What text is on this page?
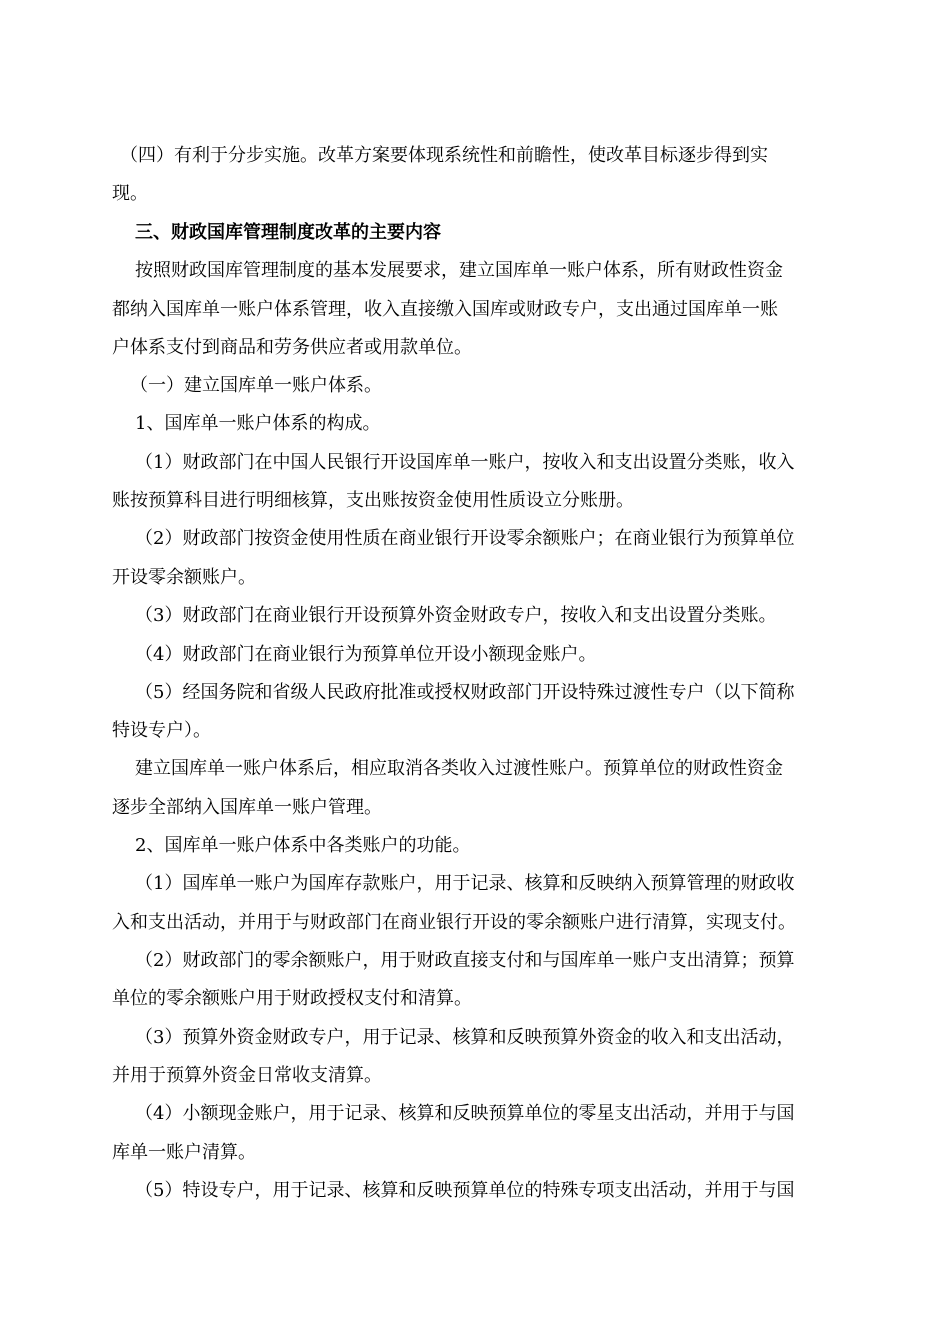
（四）有利于分步实施。改革方案要体现系统性和前瞻性，使改革目标逐步得到实
现。
三、财政国库管理制度改革的主要内容
按照财政国库管理制度的基本发展要求，建立国库单一账户体系，所有财政性资金
都纳入国库单一账户体系管理，收入直接缴入国库或财政专户，支出通过国库单一账
户体系支付到商品和劳务供应者或用款单位。
（一）建立国库单一账户体系。
1、国库单一账户体系的构成。
（1）财政部门在中国人民银行开设国库单一账户，按收入和支出设置分类账，收入
账按预算科目进行明细核算，支出账按资金使用性质设立分账册。
（2）财政部门按资金使用性质在商业银行开设零余额账户；在商业银行为预算单位
开设零余额账户。
（3）财政部门在商业银行开设预算外资金财政专户，按收入和支出设置分类账。
（4）财政部门在商业银行为预算单位开设小额现金账户。
（5）经国务院和省级人民政府批准或授权财政部门开设特殊过渡性专户（以下简称
特设专户）。
建立国库单一账户体系后，相应取消各类收入过渡性账户。预算单位的财政性资金
逐步全部纳入国库单一账户管理。
2、国库单一账户体系中各类账户的功能。
（1）国库单一账户为国库存款账户，用于记录、核算和反映纳入预算管理的财政收
入和支出活动，并用于与财政部门在商业银行开设的零余额账户进行清算，实现支付。
（2）财政部门的零余额账户，用于财政直接支付和与国库单一账户支出清算；预算
单位的零余额账户用于财政授权支付和清算。
（3）预算外资金财政专户，用于记录、核算和反映预算外资金的收入和支出活动，
并用于预算外资金日常收支清算。
（4）小额现金账户，用于记录、核算和反映预算单位的零星支出活动，并用于与国
库单一账户清算。
（5）特设专户，用于记录、核算和反映预算单位的特殊专项支出活动，并用于与国
